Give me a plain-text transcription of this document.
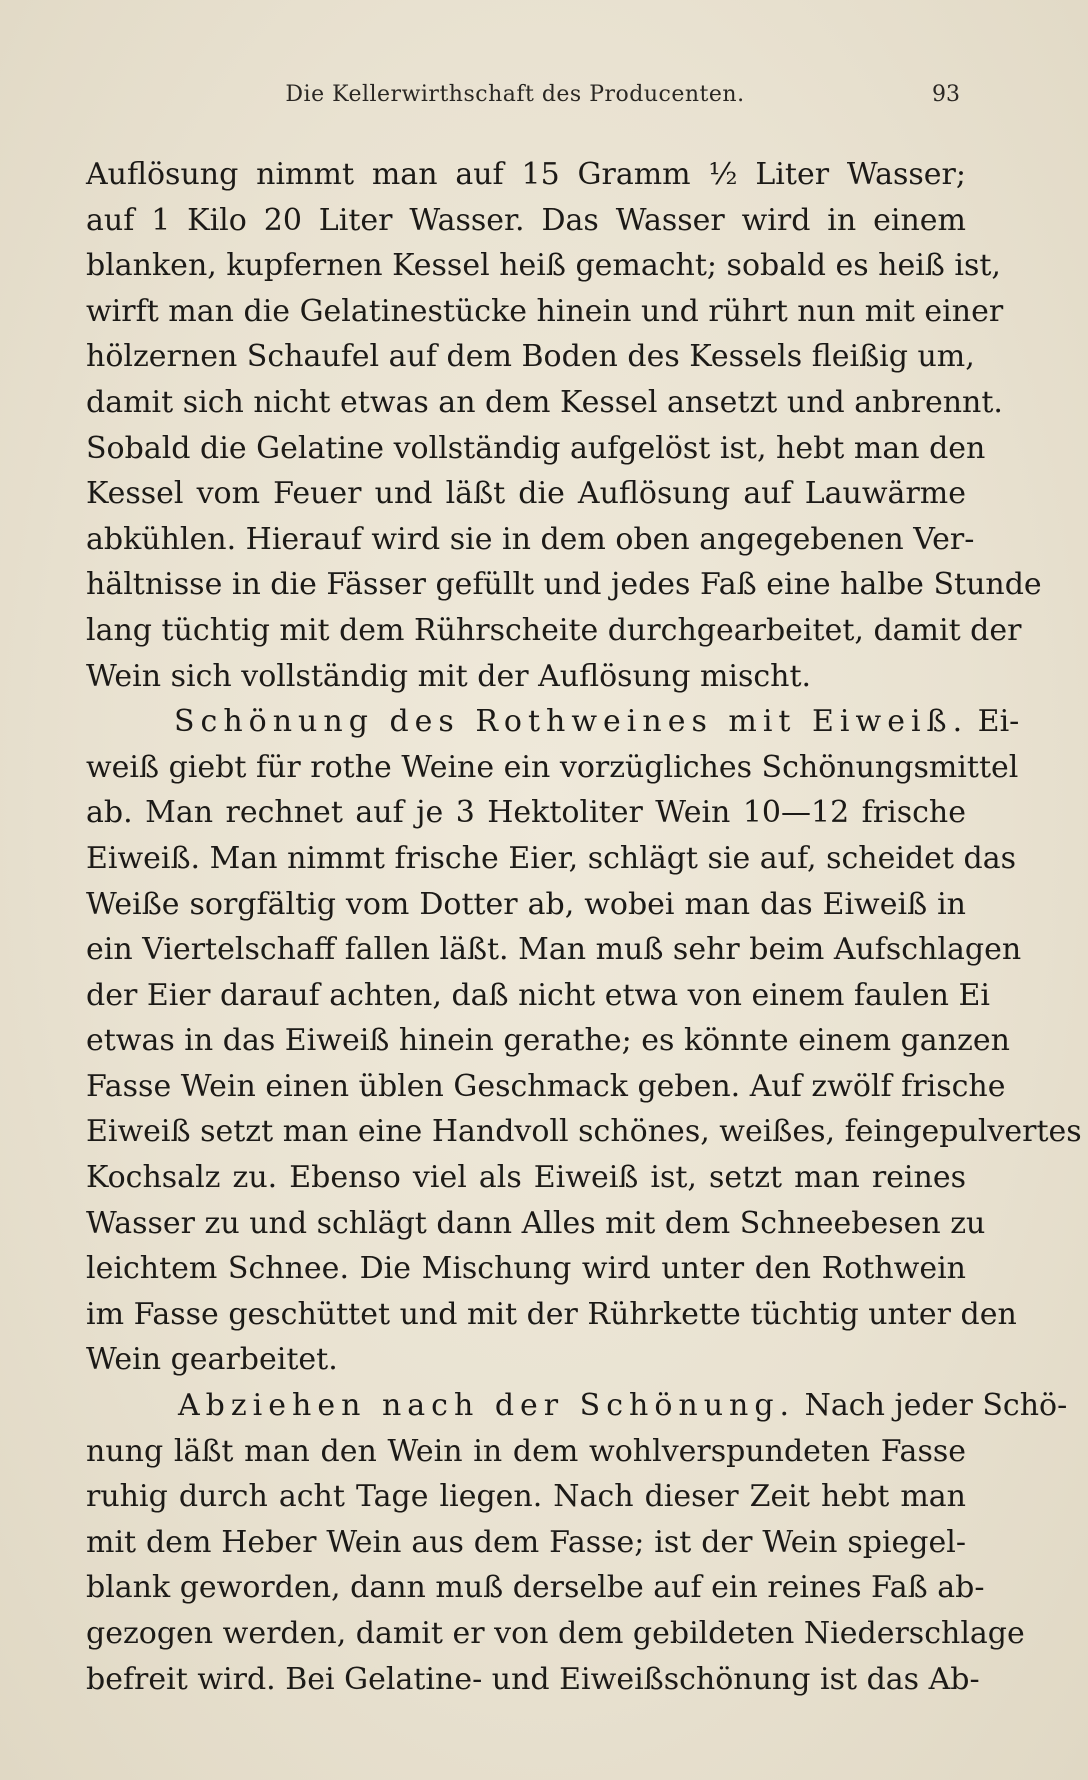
Die Kellerwirthschaft des Producenten.	93
Auflösung nimmt man auf 15 Gramm ½ Liter Wasser;
auf 1 Kilo 20 Liter Wasser. Das Wasser wird in einem
blanken, kupfernen Kessel heiß gemacht; sobald es heiß ist,
wirft man die Gelatinestücke hinein und rührt nun mit einer
hölzernen Schaufel auf dem Boden des Kessels fleißig um,
damit sich nicht etwas an dem Kessel ansetzt und anbrennt.
Sobald die Gelatine vollständig aufgelöst ist, hebt man den
Kessel vom Feuer und läßt die Auflösung auf Lauwärme
abkühlen. Hierauf wird sie in dem oben angegebenen Ver-
hältnisse in die Fässer gefüllt und jedes Faß eine halbe Stunde
lang tüchtig mit dem Rührscheite durchgearbeitet, damit der
Wein sich vollständig mit der Auflösung mischt.
Schönung des Rothweines mit Eiweiß. Ei-
weiß giebt für rothe Weine ein vorzügliches Schönungsmittel
ab. Man rechnet auf je 3 Hektoliter Wein 10—12 frische
Eiweiß. Man nimmt frische Eier, schlägt sie auf, scheidet das
Weiße sorgfältig vom Dotter ab, wobei man das Eiweiß in
ein Viertelschaff fallen läßt. Man muß sehr beim Aufschlagen
der Eier darauf achten, daß nicht etwa von einem faulen Ei
etwas in das Eiweiß hinein gerathe; es könnte einem ganzen
Fasse Wein einen üblen Geschmack geben. Auf zwölf frische
Eiweiß setzt man eine Handvoll schönes, weißes, feingepulvertes
Kochsalz zu. Ebenso viel als Eiweiß ist, setzt man reines
Wasser zu und schlägt dann Alles mit dem Schneebesen zu
leichtem Schnee. Die Mischung wird unter den Rothwein
im Fasse geschüttet und mit der Rührkette tüchtig unter den
Wein gearbeitet.
Abziehen nach der Schönung. Nach jeder Schö-
nung läßt man den Wein in dem wohlverspundeten Fasse
ruhig durch acht Tage liegen. Nach dieser Zeit hebt man
mit dem Heber Wein aus dem Fasse; ist der Wein spiegel-
blank geworden, dann muß derselbe auf ein reines Faß ab-
gezogen werden, damit er von dem gebildeten Niederschlage
befreit wird. Bei Gelatine- und Eiweißschönung ist das Ab-
